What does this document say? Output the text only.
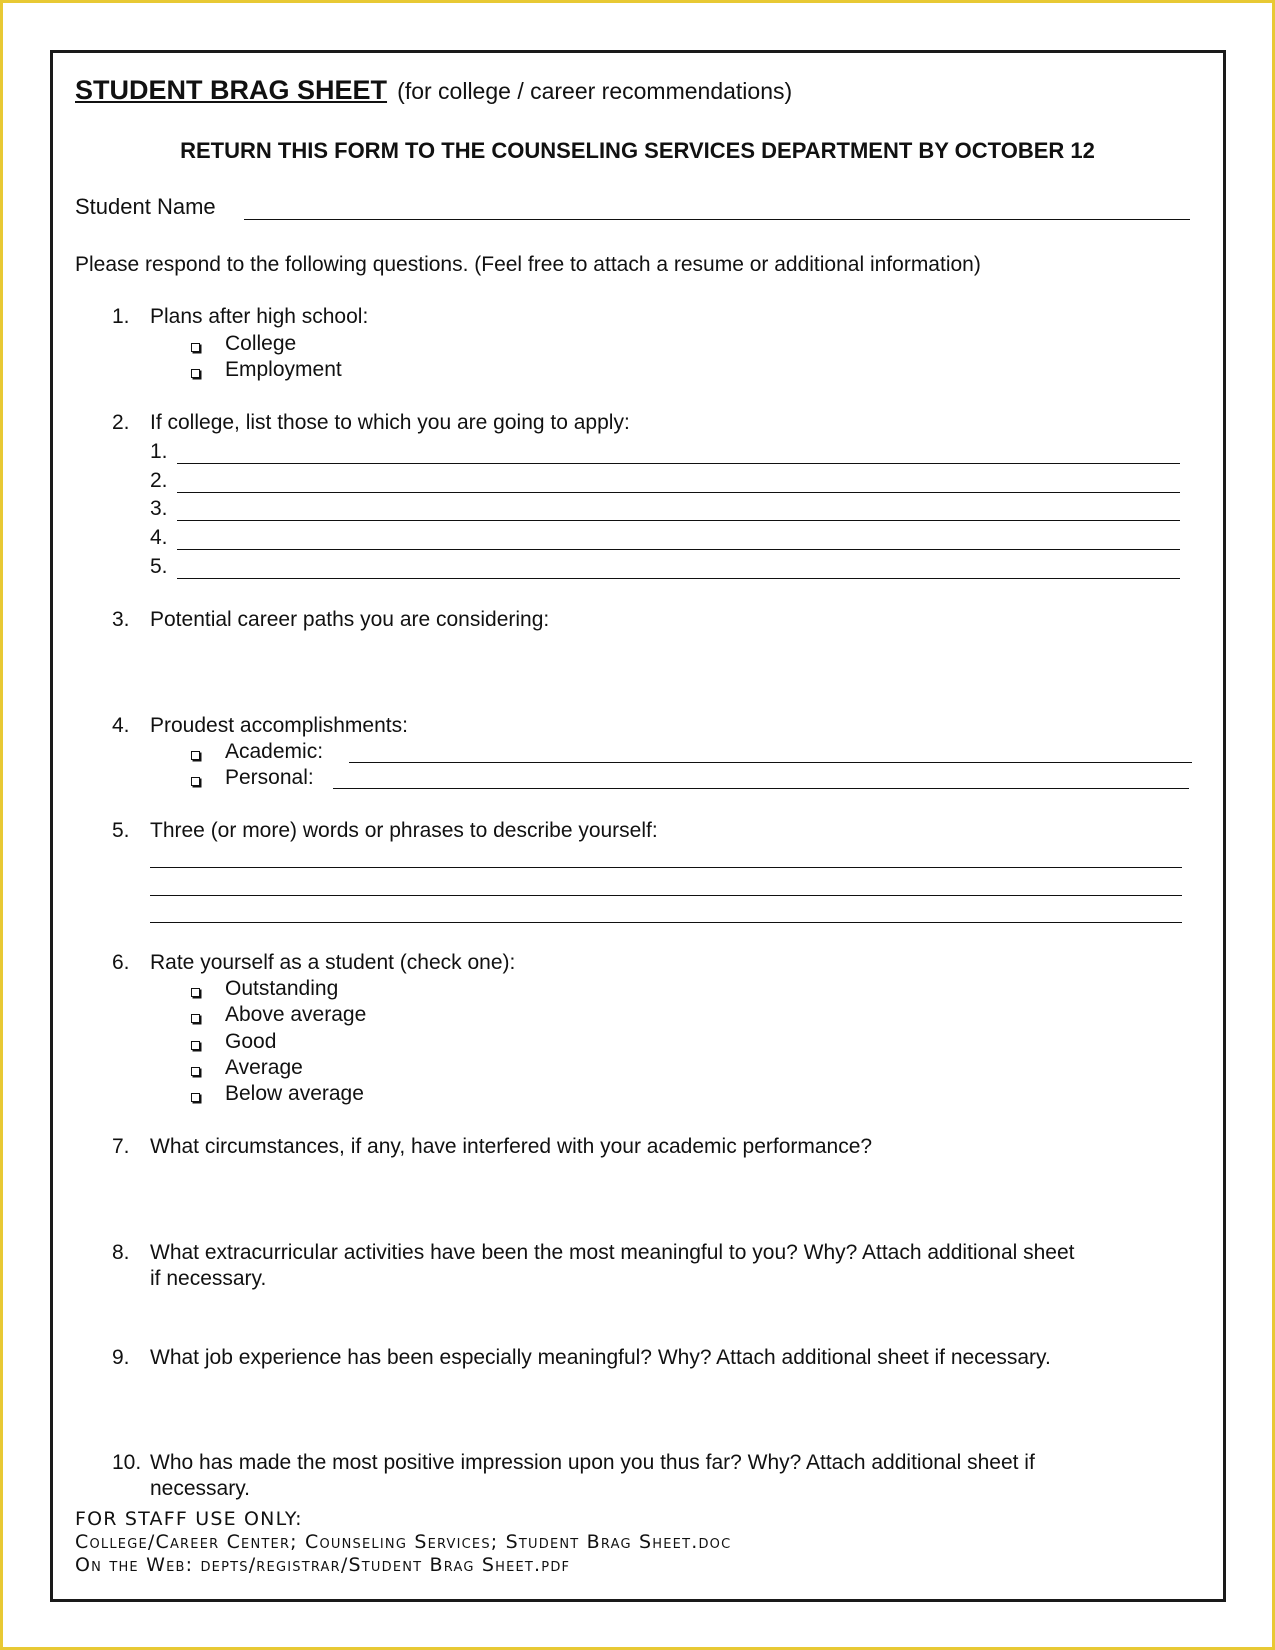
STUDENT BRAG SHEET (for college / career recommendations)
RETURN THIS FORM TO THE COUNSELING SERVICES DEPARTMENT BY OCTOBER 12
Student Name
Please respond to the following questions. (Feel free to attach a resume or additional information)
1. Plans after high school:
College
Employment
2. If college, list those to which you are going to apply:
1.
2.
3.
4.
5.
3. Potential career paths you are considering:
4. Proudest accomplishments:
Academic:
Personal:
5. Three (or more) words or phrases to describe yourself:
6. Rate yourself as a student (check one):
Outstanding
Above average
Good
Average
Below average
7. What circumstances, if any, have interfered with your academic performance?
8. What extracurricular activities have been the most meaningful to you? Why? Attach additional sheet
if necessary.
9. What job experience has been especially meaningful? Why? Attach additional sheet if necessary.
10. Who has made the most positive impression upon you thus far? Why? Attach additional sheet if
necessary.
FOR STAFF USE ONLY:
College/Career Center; Counseling Services; Student Brag Sheet.doc
On the Web: depts/registrar/Student Brag Sheet.pdf
